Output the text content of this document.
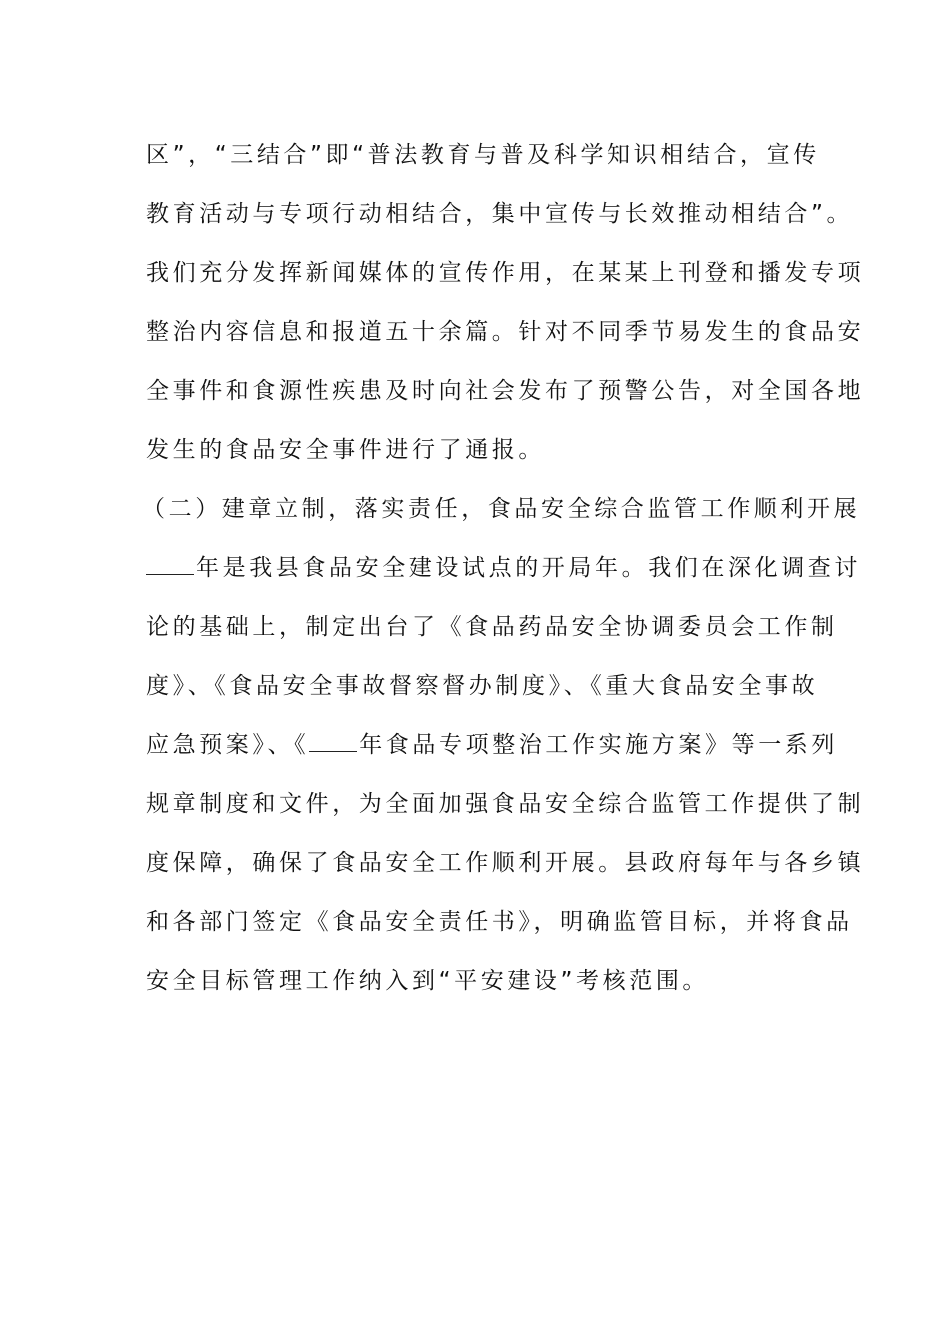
区”，“三结合”即“普法教育与普及科学知识相结合，宣传
教育活动与专项行动相结合，集中宣传与长效推动相结合”。
我们充分发挥新闻媒体的宣传作用，在某某上刊登和播发专项
整治内容信息和报道五十余篇。针对不同季节易发生的食品安
全事件和食源性疾患及时向社会发布了预警公告，对全国各地
发生的食品安全事件进行了通报。
（二）建章立制，落实责任，食品安全综合监管工作顺利开展
年是我县食品安全建设试点的开局年。我们在深化调查讨
论的基础上，制定出台了《食品药品安全协调委员会工作制
度》、《食品安全事故督察督办制度》、《重大食品安全事故
应急预案》、《 年食品专项整治工作实施方案》等一系列
规章制度和文件，为全面加强食品安全综合监管工作提供了制
度保障，确保了食品安全工作顺利开展。县政府每年与各乡镇
和各部门签定《食品安全责任书》，明确监管目标，并将食品
安全目标管理工作纳入到“平安建设”考核范围。
